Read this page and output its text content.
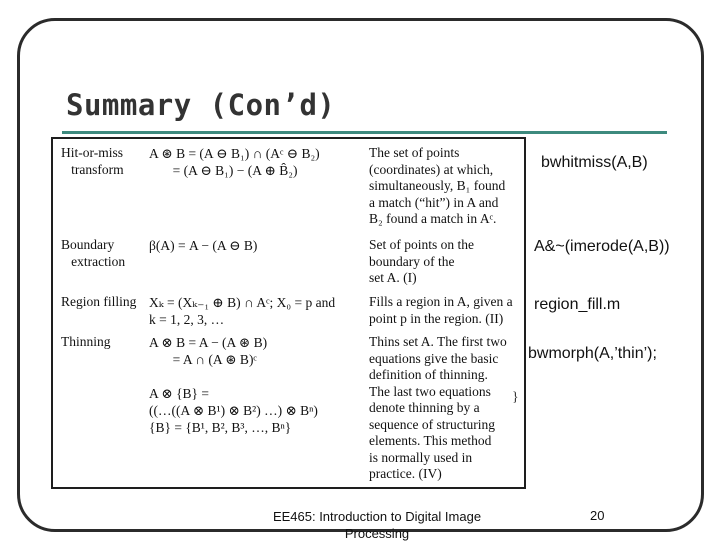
Summary (Con’d)
Hit-or-miss
transform
A ⊛ B = (A ⊖ B₁) ∩ (Aᶜ ⊖ B₂)
= (A ⊖ B₁) − (A ⊕ B̂₂)
The set of points
(coordinates) at which,
simultaneously, B₁ found
a match (“hit”) in A and
B₂ found a match in Aᶜ.
Boundary
extraction
β(A) = A − (A ⊖ B)	Set of points on the
boundary of the
set A. (I)
Region filling Xₖ = (Xₖ₋₁ ⊕ B) ∩ Aᶜ; X₀ = p and
k = 1, 2, 3, …
Fills a region in A, given a
point p in the region. (II)
Thinning	A ⊗ B = A − (A ⊛ B)
= A ∩ (A ⊛ B)ᶜ

A ⊗ {B} =
((…((A ⊗ B¹) ⊗ B²) …) ⊗ Bⁿ)
{B} = {B¹, B², B³, …, Bⁿ}
Thins set A. The first two
equations give the basic
definition of thinning.
The last two equations
denote thinning by a
sequence of structuring
elements. This method
is normally used in
practice. (IV)
}
bwhitmiss(A,B)
A&~(imerode(A,B))
region_fill.m
bwmorph(A,’thin’);
EE465: Introduction to Digital Image Processing
20
